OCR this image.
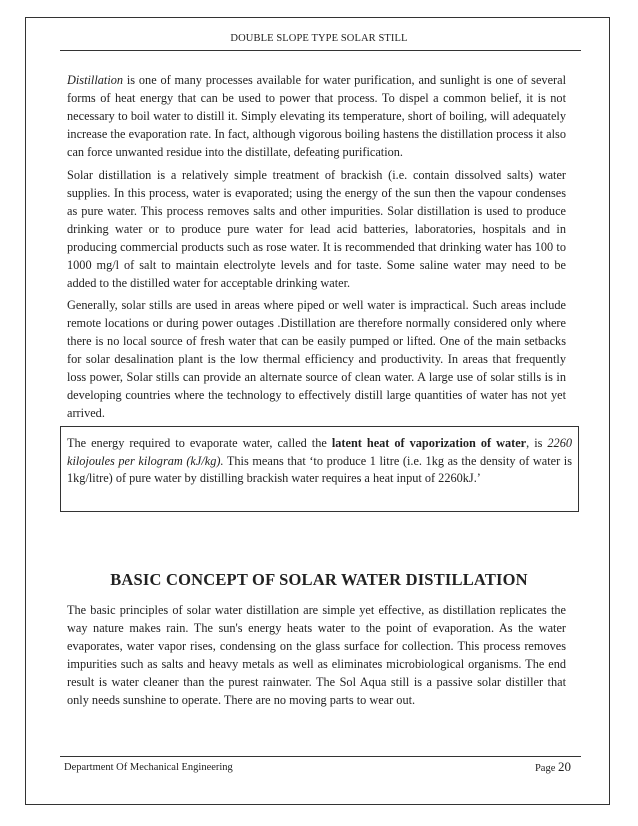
DOUBLE SLOPE TYPE SOLAR STILL

Distillation is one of many processes available for water purification, and sunlight is one of several forms of heat energy that can be used to power that process. To dispel a common belief, it is not necessary to boil water to distill it. Simply elevating its temperature, short of boiling, will adequately increase the evaporation rate. In fact, although vigorous boiling hastens the distillation process it also can force unwanted residue into the distillate, defeating purification.

Solar distillation is a relatively simple treatment of brackish (i.e. contain dissolved salts) water supplies. In this process, water is evaporated; using the energy of the sun then the vapour condenses as pure water. This process removes salts and other impurities. Solar distillation is used to produce drinking water or to produce pure water for lead acid batteries, laboratories, hospitals and in producing commercial products such as rose water. It is recommended that drinking water has 100 to 1000 mg/l of salt to maintain electrolyte levels and for taste. Some saline water may need to be added to the distilled water for acceptable drinking water.

Generally, solar stills are used in areas where piped or well water is impractical. Such areas include remote locations or during power outages .Distillation are therefore normally considered only where there is no local source of fresh water that can be easily pumped or lifted. One of the main setbacks for solar desalination plant is the low thermal efficiency and productivity. In areas that frequently loss power, Solar stills can provide an alternate source of clean water. A large use of solar stills is in developing countries where the technology to effectively distill large quantities of water has not yet arrived.

The energy required to evaporate water, called the latent heat of vaporization of water, is 2260 kilojoules per kilogram (kJ/kg). This means that ‘to produce 1 litre (i.e. 1kg as the density of water is 1kg/litre) of pure water by distilling brackish water requires a heat input of 2260kJ.’
BASIC CONCEPT OF SOLAR WATER DISTILLATION

The basic principles of solar water distillation are simple yet effective, as distillation replicates the way nature makes rain. The sun's energy heats water to the point of evaporation. As the water evaporates, water vapor rises, condensing on the glass surface for collection. This process removes impurities such as salts and heavy metals as well as eliminates microbiological organisms. The end result is water cleaner than the purest rainwater. The Sol Aqua still is a passive solar distiller that only needs sunshine to operate. There are no moving parts to wear out.

Department Of Mechanical Engineering	Page 20
